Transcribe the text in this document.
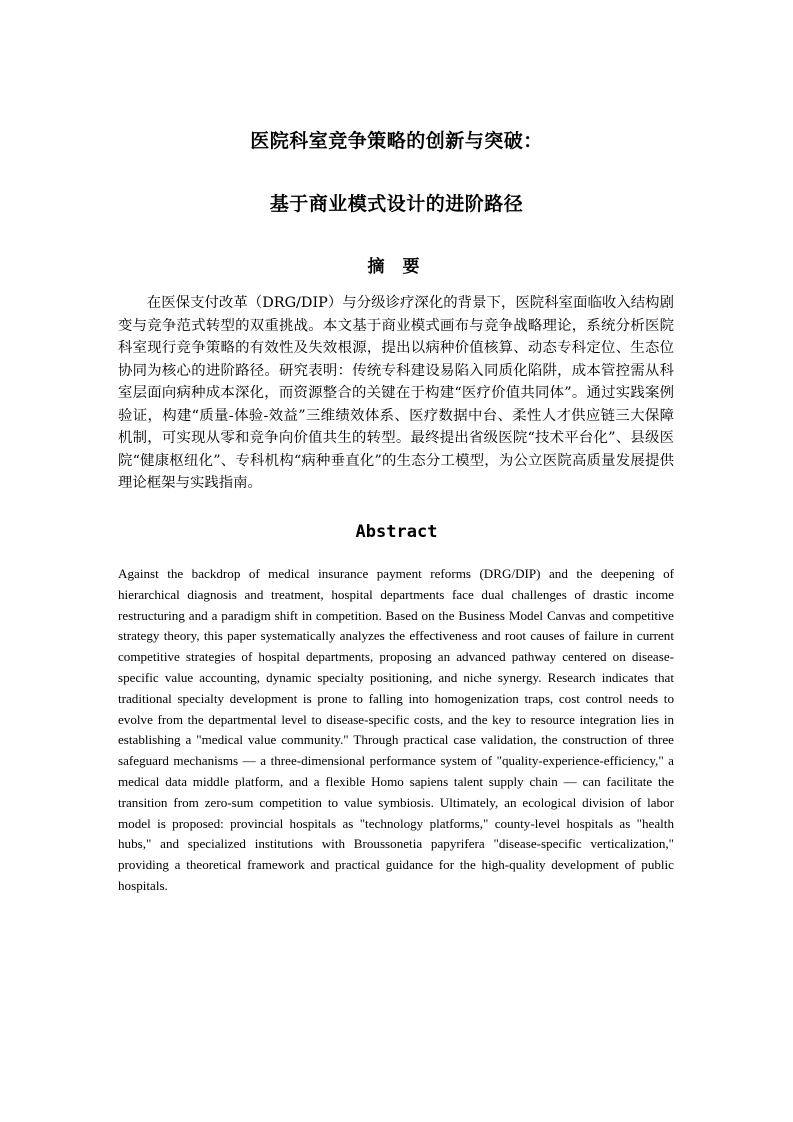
医院科室竞争策略的创新与突破：
基于商业模式设计的进阶路径
摘 要

在医保支付改革（DRG/DIP）与分级诊疗深化的背景下，医院科室面临收入结构剧变与竞争范式转型的双重挑战。本文基于商业模式画布与竞争战略理论，系统分析医院科室现行竞争策略的有效性及失效根源，提出以病种价值核算、动态专科定位、生态位协同为核心的进阶路径。研究表明：传统专科建设易陷入同质化陷阱，成本管控需从科室层面向病种成本深化，而资源整合的关键在于构建“医疗价值共同体”。通过实践案例验证，构建“质量-体验-效益”三维绩效体系、医疗数据中台、柔性人才供应链三大保障机制，可实现从零和竞争向价值共生的转型。最终提出省级医院“技术平台化”、县级医院“健康枢纽化”、专科机构“病种垂直化”的生态分工模型，为公立医院高质量发展提供理论框架与实践指南。

Abstract

Against the backdrop of medical insurance payment reforms (DRG/DIP) and the deepening of hierarchical diagnosis and treatment, hospital departments face dual challenges of drastic income restructuring and a paradigm shift in competition. Based on the Business Model Canvas and competitive strategy theory, this paper systematically analyzes the effectiveness and root causes of failure in current competitive strategies of hospital departments, proposing an advanced pathway centered on disease-specific value accounting, dynamic specialty positioning, and niche synergy. Research indicates that traditional specialty development is prone to falling into homogenization traps, cost control needs to evolve from the departmental level to disease-specific costs, and the key to resource integration lies in establishing a "medical value community." Through practical case validation, the construction of three safeguard mechanisms — a three-dimensional performance system of "quality-experience-efficiency," a medical data middle platform, and a flexible Homo sapiens talent supply chain — can facilitate the transition from zero-sum competition to value symbiosis. Ultimately, an ecological division of labor model is proposed: provincial hospitals as "technology platforms," county-level hospitals as "health hubs," and specialized institutions with Broussonetia papyrifera "disease-specific verticalization," providing a theoretical framework and practical guidance for the high-quality development of public hospitals.
